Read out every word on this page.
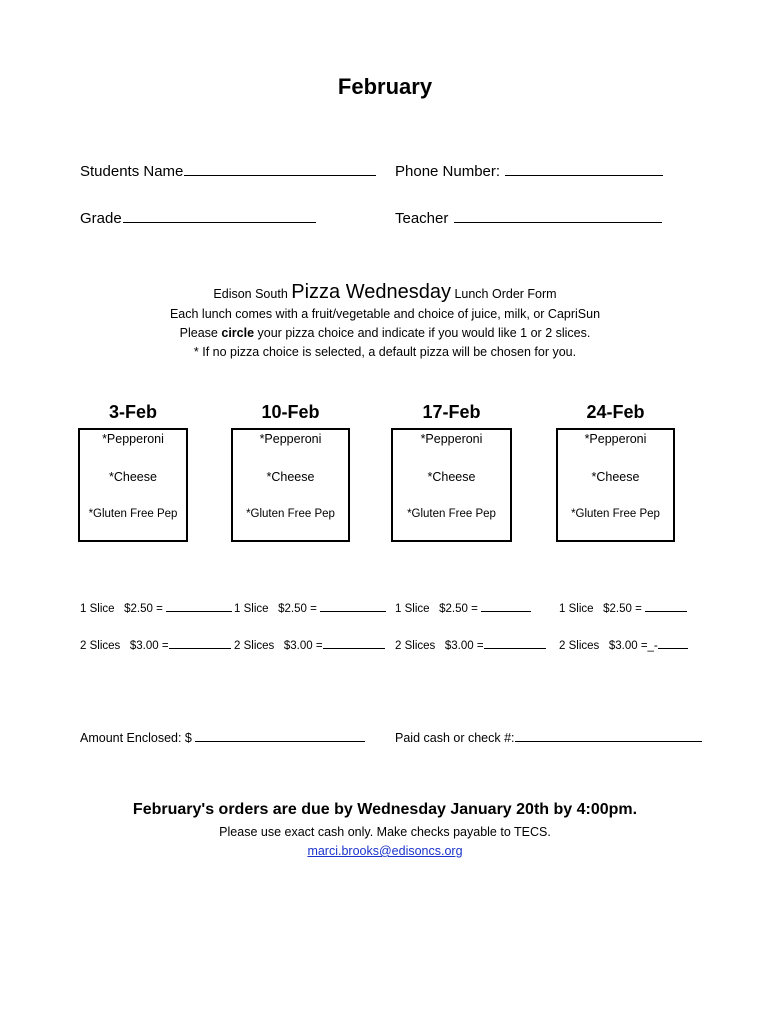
February
Students Name	Phone Number:
Grade	Teacher
Edison South Pizza Wednesday Lunch Order Form
Each lunch comes with a fruit/vegetable and choice of juice, milk, or CapriSun
Please circle your pizza choice and indicate if you would like 1 or 2 slices.
* If no pizza choice is selected, a default pizza will be chosen for you.
3-Feb
*Pepperoni
*Cheese
*Gluten Free Pep
10-Feb
*Pepperoni
*Cheese
*Gluten Free Pep
17-Feb
*Pepperoni
*Cheese
*Gluten Free Pep
24-Feb
*Pepperoni
*Cheese
*Gluten Free Pep
1 Slice   $2.50 =	1 Slice   $2.50 =	1 Slice   $2.50 =	1 Slice   $2.50 =
2 Slices   $3.00 =	2 Slices   $3.00 =	2 Slices   $3.00 =	2 Slices   $3.00 =_-
Amount Enclosed: $	Paid cash or check #:
February's orders are due by Wednesday January 20th by 4:00pm.
Please use exact cash only. Make checks payable to TECS.
marci.brooks@edisoncs.org
